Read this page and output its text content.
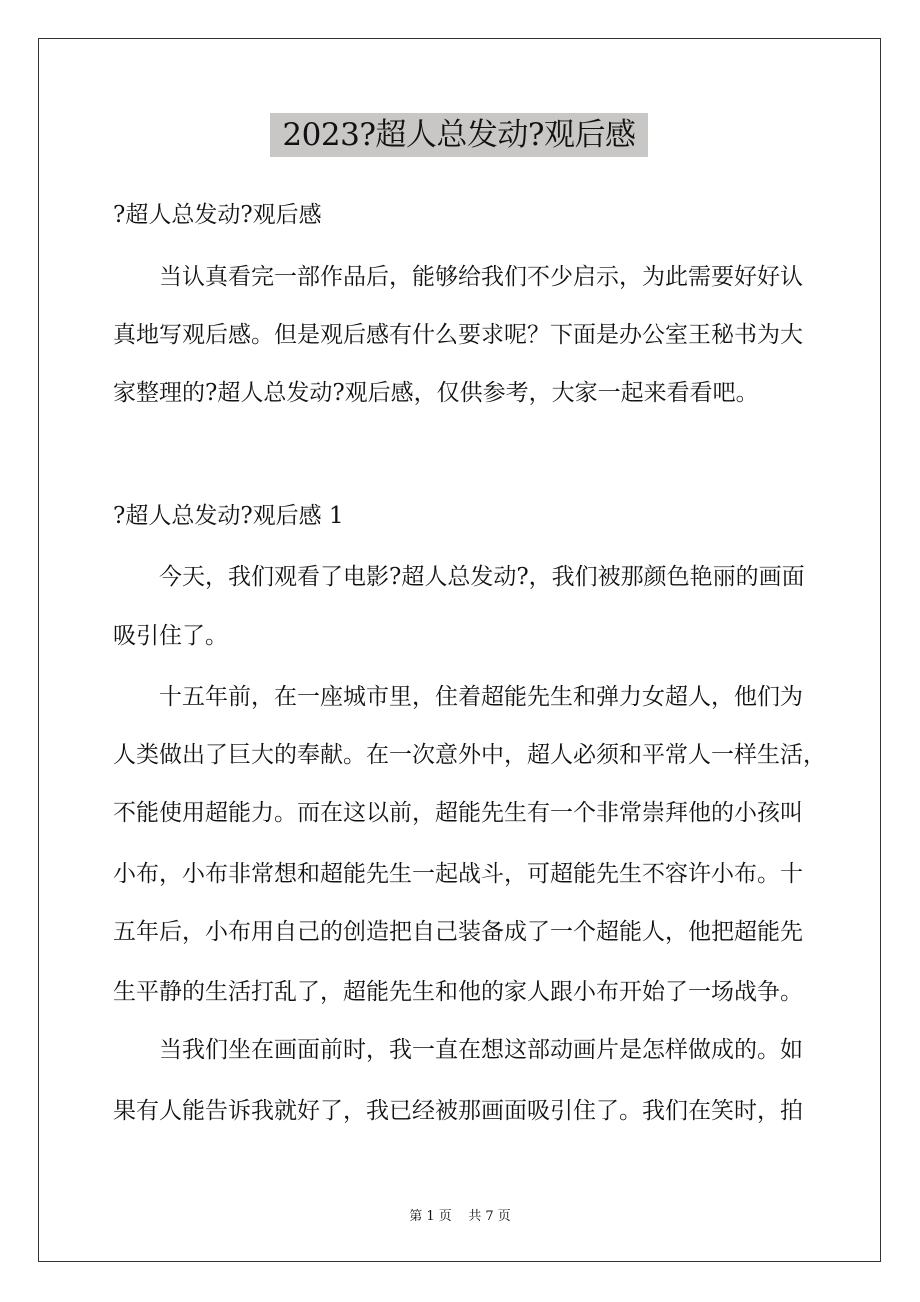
2023?超人总发动?观后感
?超人总发动?观后感
当认真看完一部作品后，能够给我们不少启示，为此需要好好认
真地写观后感。但是观后感有什么要求呢？下面是办公室王秘书为大
家整理的?超人总发动?观后感，仅供参考，大家一起来看看吧。
?超人总发动?观后感 1
今天，我们观看了电影?超人总发动?，我们被那颜色艳丽的画面
吸引住了。
十五年前，在一座城市里，住着超能先生和弹力女超人，他们为
人类做出了巨大的奉献。在一次意外中，超人必须和平常人一样生活，
不能使用超能力。而在这以前，超能先生有一个非常崇拜他的小孩叫
小布，小布非常想和超能先生一起战斗，可超能先生不容许小布。十
五年后，小布用自己的创造把自己装备成了一个超能人，他把超能先
生平静的生活打乱了，超能先生和他的家人跟小布开始了一场战争。
当我们坐在画面前时，我一直在想这部动画片是怎样做成的。如
果有人能告诉我就好了，我已经被那画面吸引住了。我们在笑时，拍
第 1 页    共 7 页
